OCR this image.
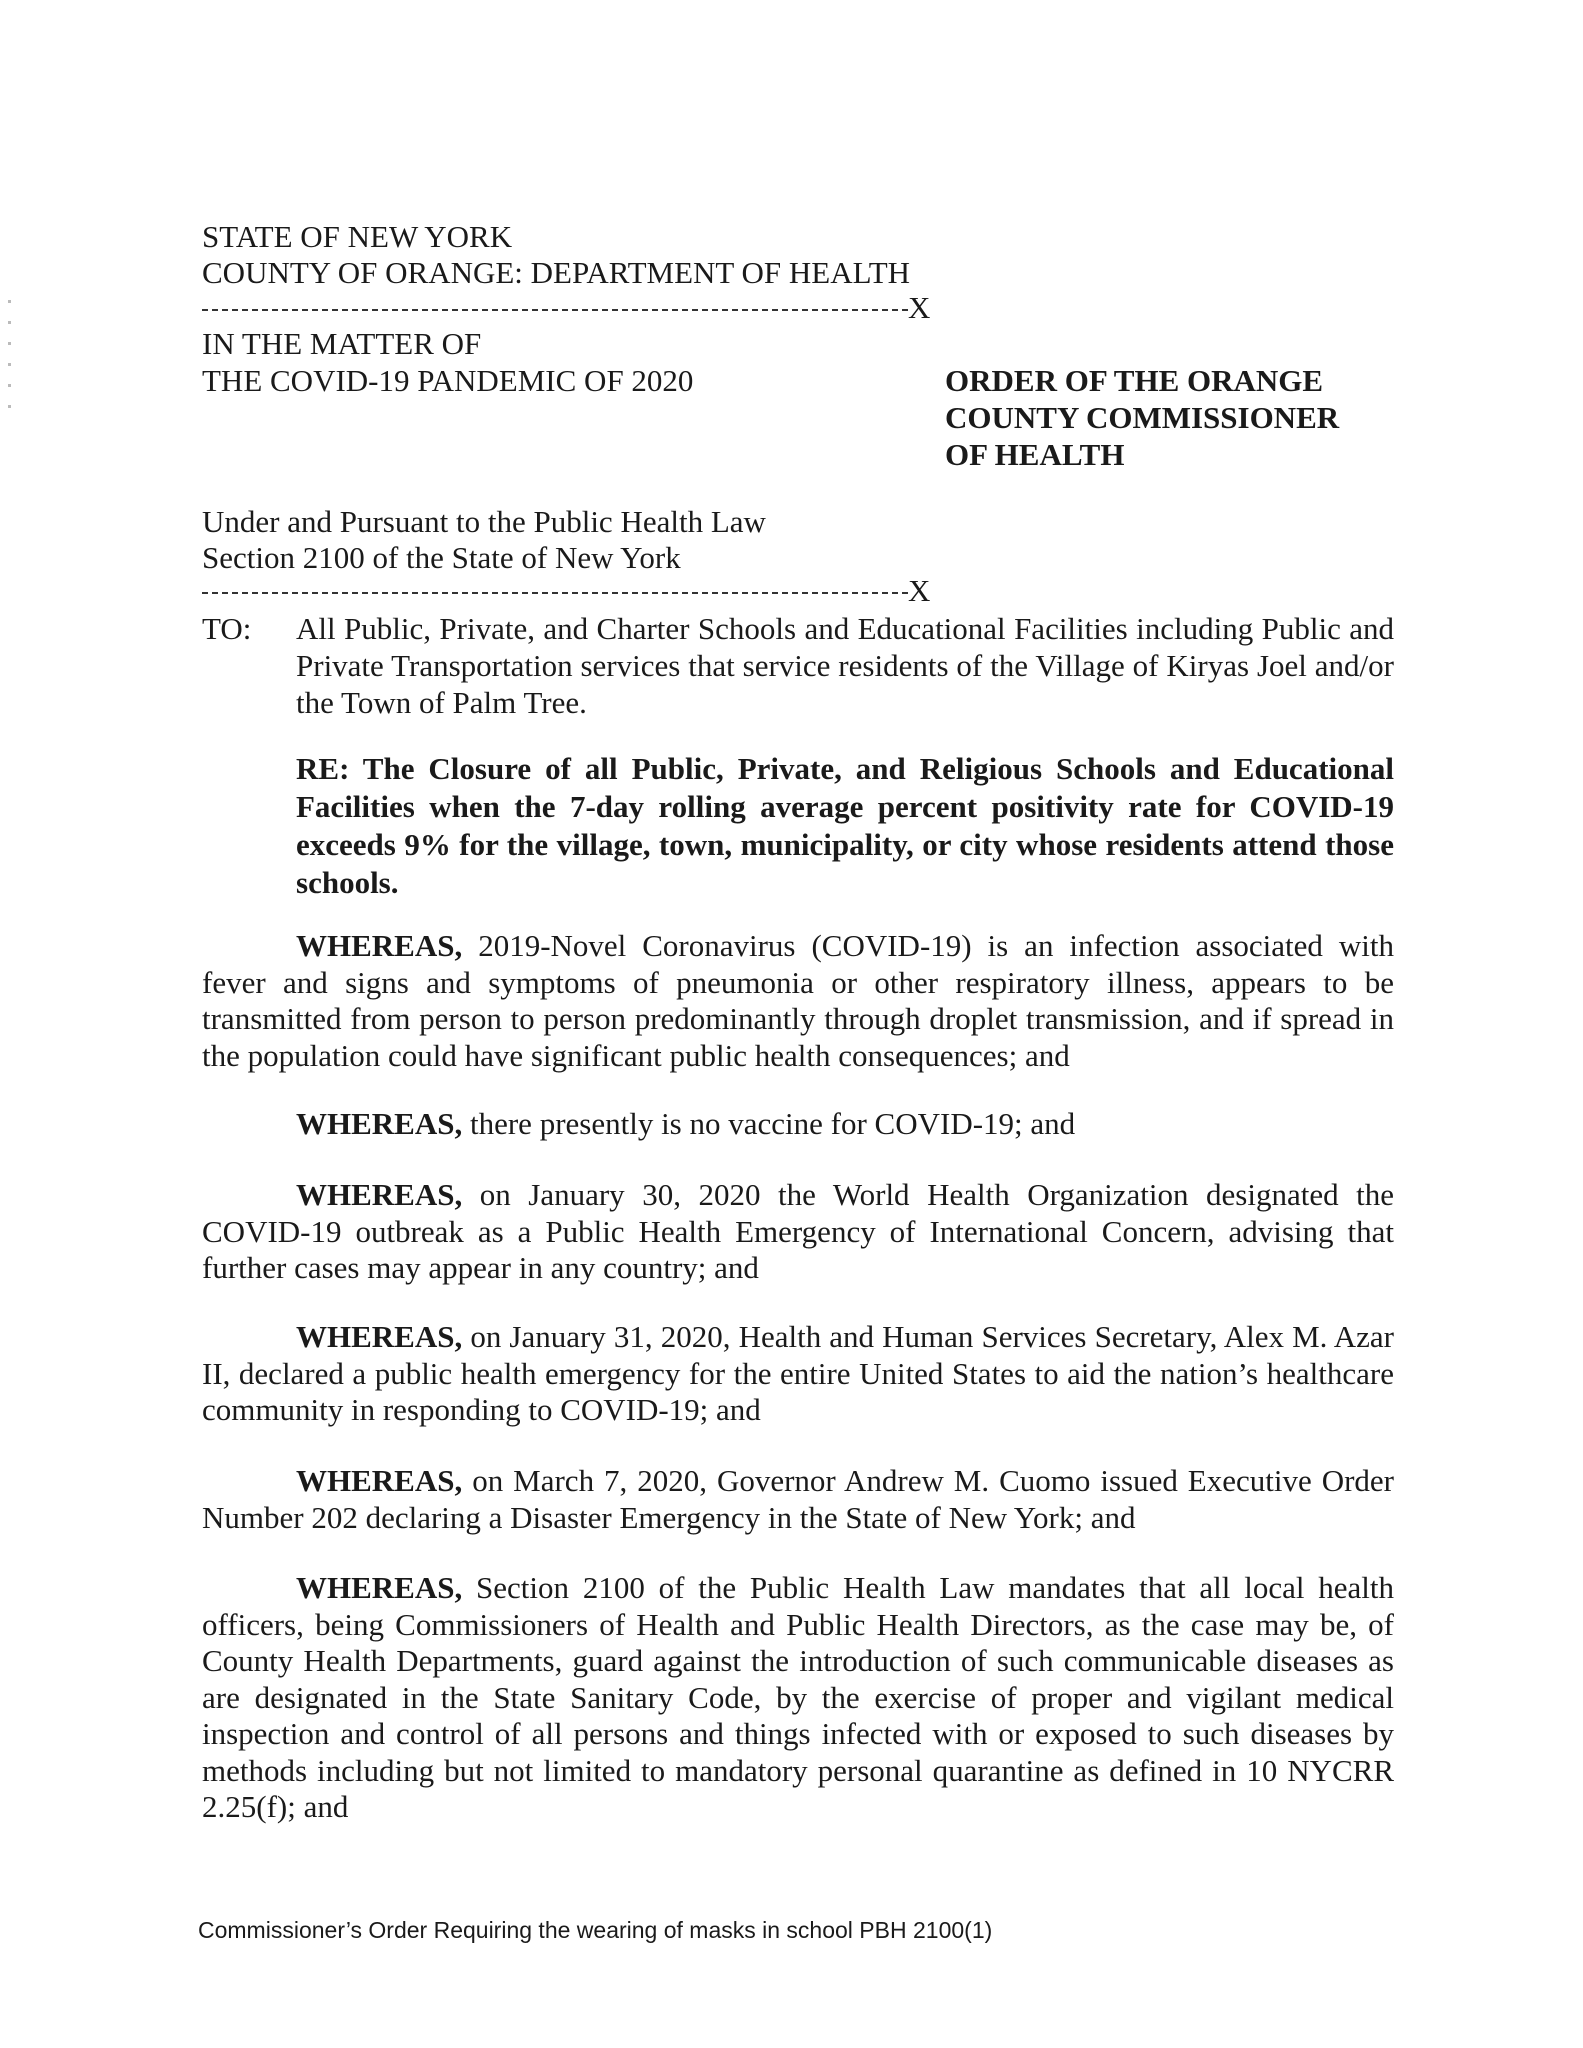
STATE OF NEW YORK
COUNTY OF ORANGE: DEPARTMENT OF HEALTH
X
IN THE MATTER OF
THE COVID-19 PANDEMIC OF 2020	ORDER OF THE ORANGE
COUNTY COMMISSIONER
OF HEALTH
Under and Pursuant to the Public Health Law
Section 2100 of the State of New York
X
TO: All Public, Private, and Charter Schools and Educational Facilities including Public and Private Transportation services that service residents of the Village of Kiryas Joel and/or the Town of Palm Tree.
RE: The Closure of all Public, Private, and Religious Schools and Educational Facilities when the 7-day rolling average percent positivity rate for COVID-19 exceeds 9% for the village, town, municipality, or city whose residents attend those schools.
WHEREAS, 2019-Novel Coronavirus (COVID-19) is an infection associated with fever and signs and symptoms of pneumonia or other respiratory illness, appears to be transmitted from person to person predominantly through droplet transmission, and if spread in the population could have significant public health consequences; and
WHEREAS, there presently is no vaccine for COVID-19; and
WHEREAS, on January 30, 2020 the World Health Organization designated the COVID-19 outbreak as a Public Health Emergency of International Concern, advising that further cases may appear in any country; and
WHEREAS, on January 31, 2020, Health and Human Services Secretary, Alex M. Azar II, declared a public health emergency for the entire United States to aid the nation’s healthcare community in responding to COVID-19; and
WHEREAS, on March 7, 2020, Governor Andrew M. Cuomo issued Executive Order Number 202 declaring a Disaster Emergency in the State of New York; and
WHEREAS, Section 2100 of the Public Health Law mandates that all local health officers, being Commissioners of Health and Public Health Directors, as the case may be, of County Health Departments, guard against the introduction of such communicable diseases as are designated in the State Sanitary Code, by the exercise of proper and vigilant medical inspection and control of all persons and things infected with or exposed to such diseases by methods including but not limited to mandatory personal quarantine as defined in 10 NYCRR 2.25(f); and
Commissioner’s Order Requiring the wearing of masks in school PBH 2100(1)
